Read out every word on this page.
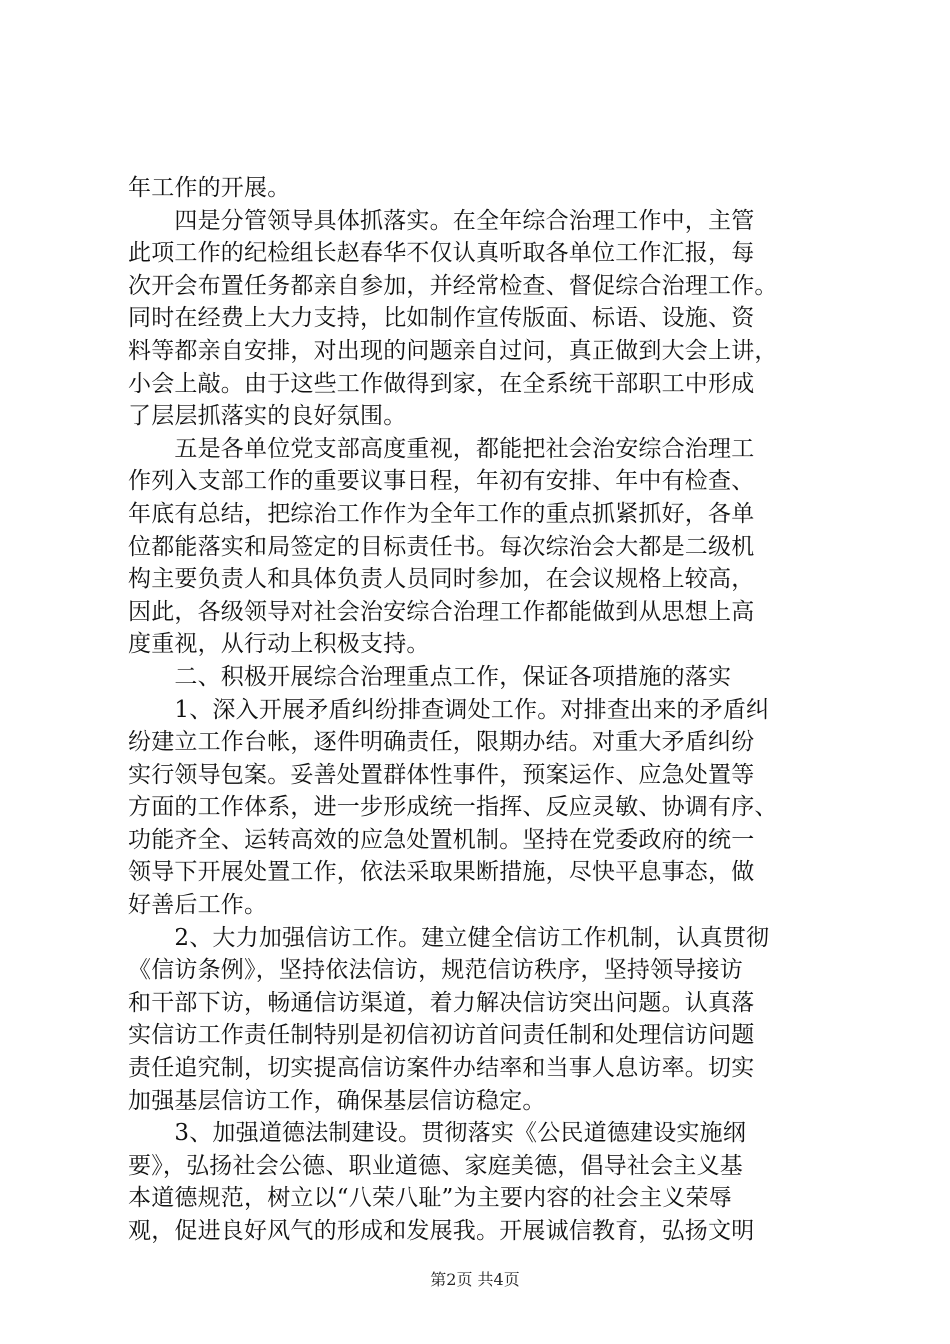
年工作的开展。
　　四是分管领导具体抓落实。在全年综合治理工作中，主管
此项工作的纪检组长赵春华不仅认真听取各单位工作汇报，每
次开会布置任务都亲自参加，并经常检查、督促综合治理工作。
同时在经费上大力支持，比如制作宣传版面、标语、设施、资
料等都亲自安排，对出现的问题亲自过问，真正做到大会上讲，
小会上敲。由于这些工作做得到家，在全系统干部职工中形成
了层层抓落实的良好氛围。
　　五是各单位党支部高度重视，都能把社会治安综合治理工
作列入支部工作的重要议事日程，年初有安排、年中有检查、
年底有总结，把综治工作作为全年工作的重点抓紧抓好，各单
位都能落实和局签定的目标责任书。每次综治会大都是二级机
构主要负责人和具体负责人员同时参加，在会议规格上较高，
因此，各级领导对社会治安综合治理工作都能做到从思想上高
度重视，从行动上积极支持。
　　二、积极开展综合治理重点工作，保证各项措施的落实
　　1、深入开展矛盾纠纷排查调处工作。对排查出来的矛盾纠
纷建立工作台帐，逐件明确责任，限期办结。对重大矛盾纠纷
实行领导包案。妥善处置群体性事件，预案运作、应急处置等
方面的工作体系，进一步形成统一指挥、反应灵敏、协调有序、
功能齐全、运转高效的应急处置机制。坚持在党委政府的统一
领导下开展处置工作，依法采取果断措施，尽快平息事态，做
好善后工作。
　　2、大力加强信访工作。建立健全信访工作机制，认真贯彻
《信访条例》，坚持依法信访，规范信访秩序，坚持领导接访
和干部下访，畅通信访渠道，着力解决信访突出问题。认真落
实信访工作责任制特别是初信初访首问责任制和处理信访问题
责任追究制，切实提高信访案件办结率和当事人息访率。切实
加强基层信访工作，确保基层信访稳定。
　　3、加强道德法制建设。贯彻落实《公民道德建设实施纲
要》，弘扬社会公德、职业道德、家庭美德，倡导社会主义基
本道德规范，树立以“八荣八耻”为主要内容的社会主义荣辱
观，促进良好风气的形成和发展我。开展诚信教育，弘扬文明
第2页 共4页
